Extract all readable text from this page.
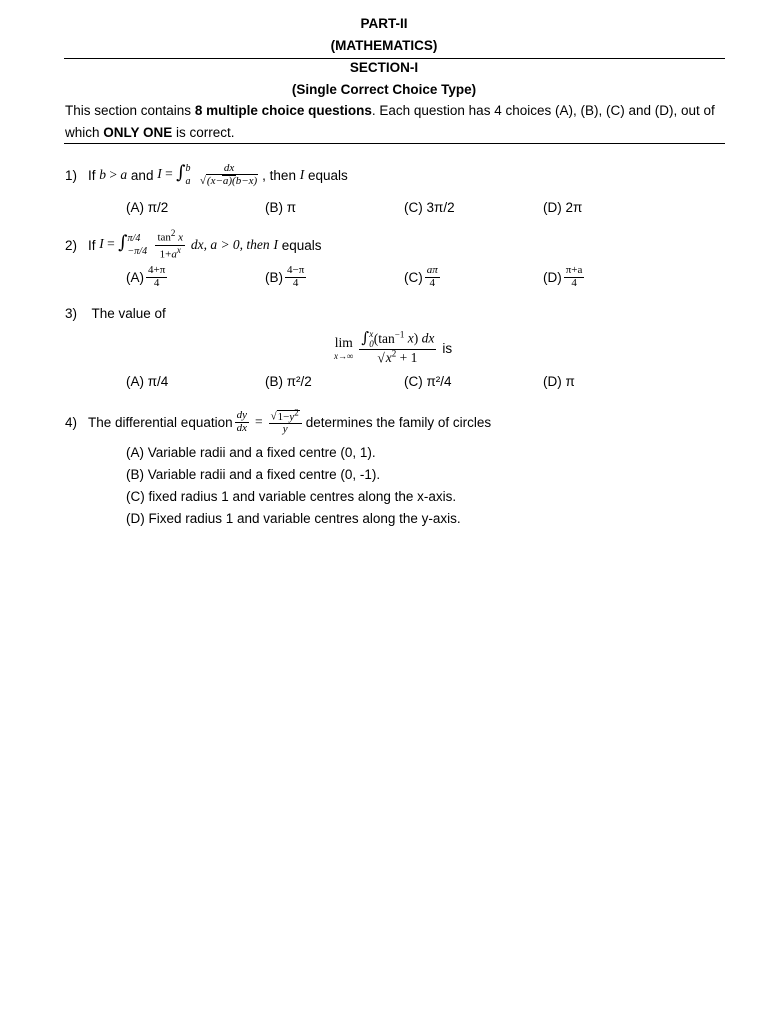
PART-II
(MATHEMATICS)
SECTION-I
(Single Correct Choice Type)
This section contains 8 multiple choice questions. Each question has 4 choices (A), (B), (C) and (D), out of
which ONLY ONE is correct.
1) If
b > a
and
I = ∫ b
a
$\frac{dx}{√(x-a)(b-x)}$ , then
I
equals
(A) π/2	(B) π	(C) 3π/2	(D) 2π
2) If
I = ∫ π/4
−π/4
$\frac{\tan^2 x}{1+a^x}$
dx, a > 0, then
I
equals
$(A) \frac{4+\pi}{4}$	$(B) \frac{4-\pi}{4}$	$(C) \frac{a\pi}{4}$	$(D) \frac{\pi+a}{4}$
3) The value of
lim
$x\to\infty \frac{\int^x_0(\tan^{-1} x) dx}{√x^2 + 1}$ is
(A) π/4	(B) π²/2	(C) π²/4	(D) π
4) The differential equation $\frac{dy}{dx} = \frac{√1-y^2}{y}$ determines the family of circles
(A) Variable radii and a fixed centre (0, 1).
(B) Variable radii and a fixed centre (0, -1).
(C) fixed radius 1 and variable centres along the x-axis.
(D) Fixed radius 1 and variable centres along the y-axis.
